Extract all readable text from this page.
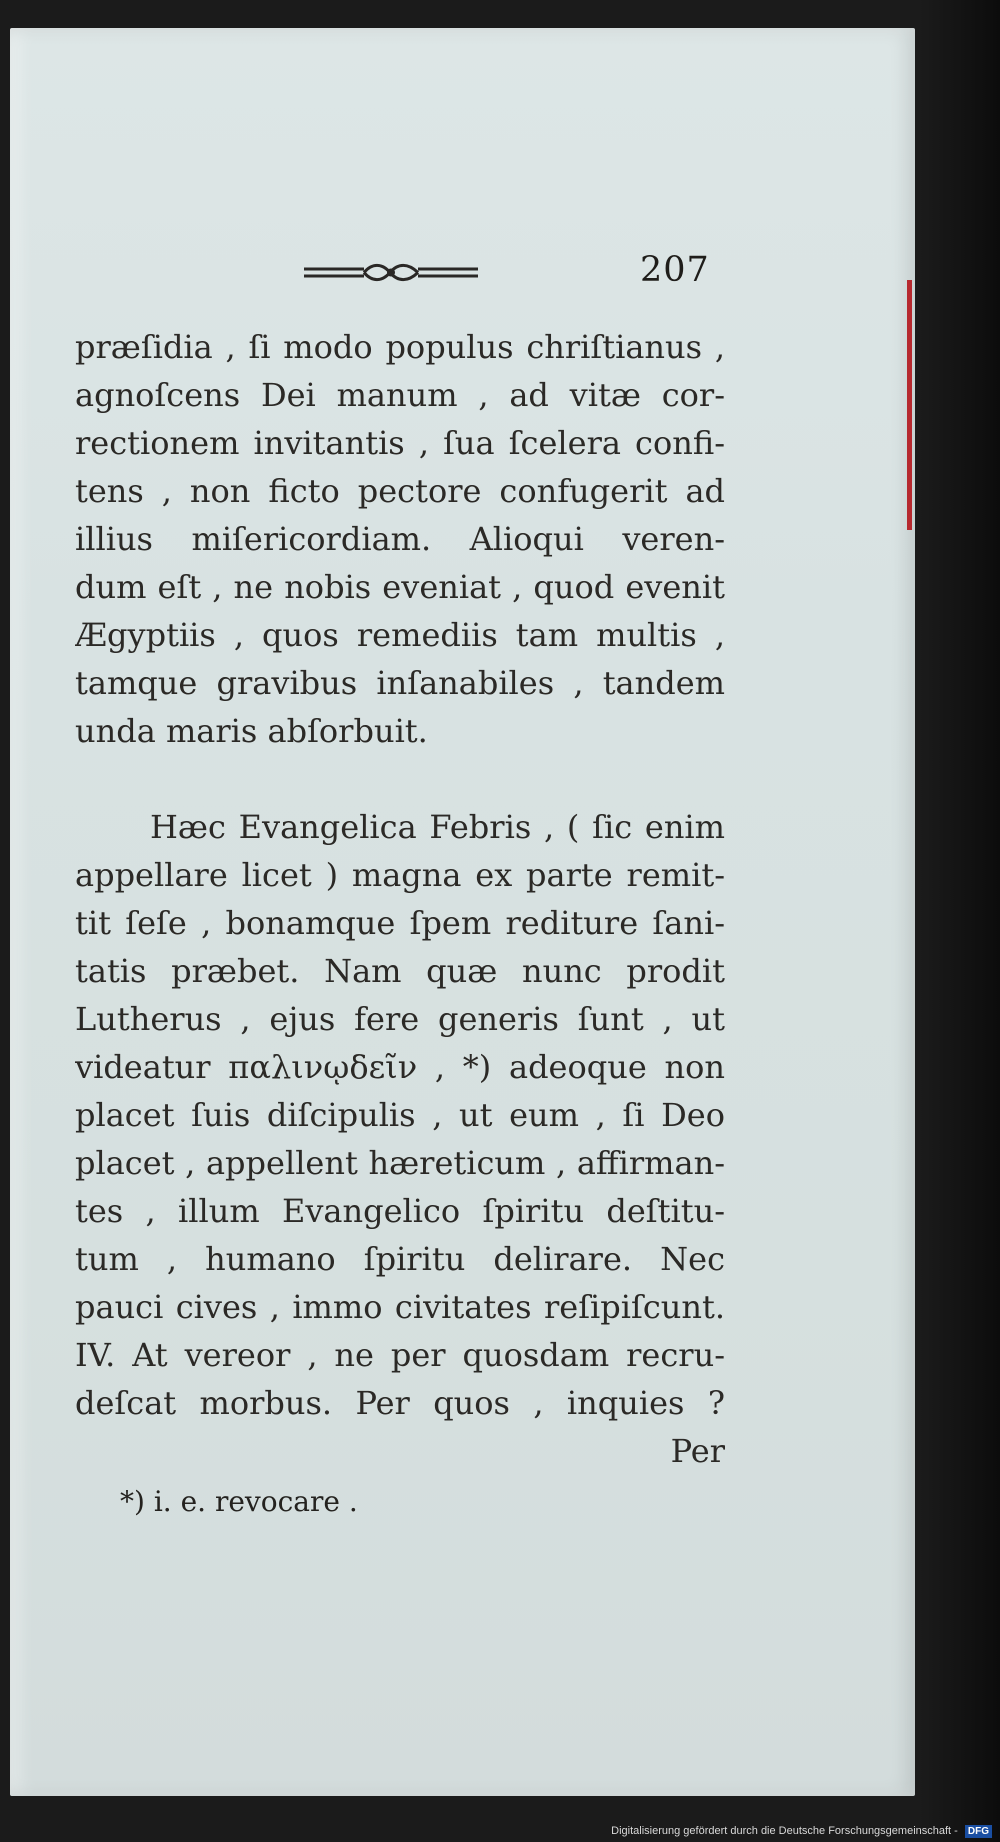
207
præſidia , ſi modo populus chriſtianus ,
agnoſcens Dei manum , ad vitæ cor-
rectionem invitantis , ſua ſcelera confi-
tens , non ficto pectore confugerit ad
illius miſericordiam. Alioqui veren-
dum eſt , ne nobis eveniat , quod evenit
Ægyptiis , quos remediis tam multis ,
tamque gravibus inſanabiles , tandem
unda maris abſorbuit.
Hæc Evangelica Febris , ( ſic enim
appellare licet ) magna ex parte remit-
tit ſeſe , bonamque ſpem rediture ſani-
tatis præbet. Nam quæ nunc prodit
Lutherus , ejus fere generis ſunt , ut
videatur παλινῳδεῖν , *) adeoque non
placet ſuis diſcipulis , ut eum , ſi Deo
placet , appellent hæreticum , affirman-
tes , illum Evangelico ſpiritu deſtitu-
tum , humano ſpiritu delirare. Nec
pauci cives , immo civitates reſipiſcunt.
IV. At vereor , ne per quosdam recru-
deſcat morbus. Per quos , inquies ?
Per
*) i. e. revocare .
Digitalisierung gefördert durch die Deutsche Forschungsgemeinschaft - DFG
